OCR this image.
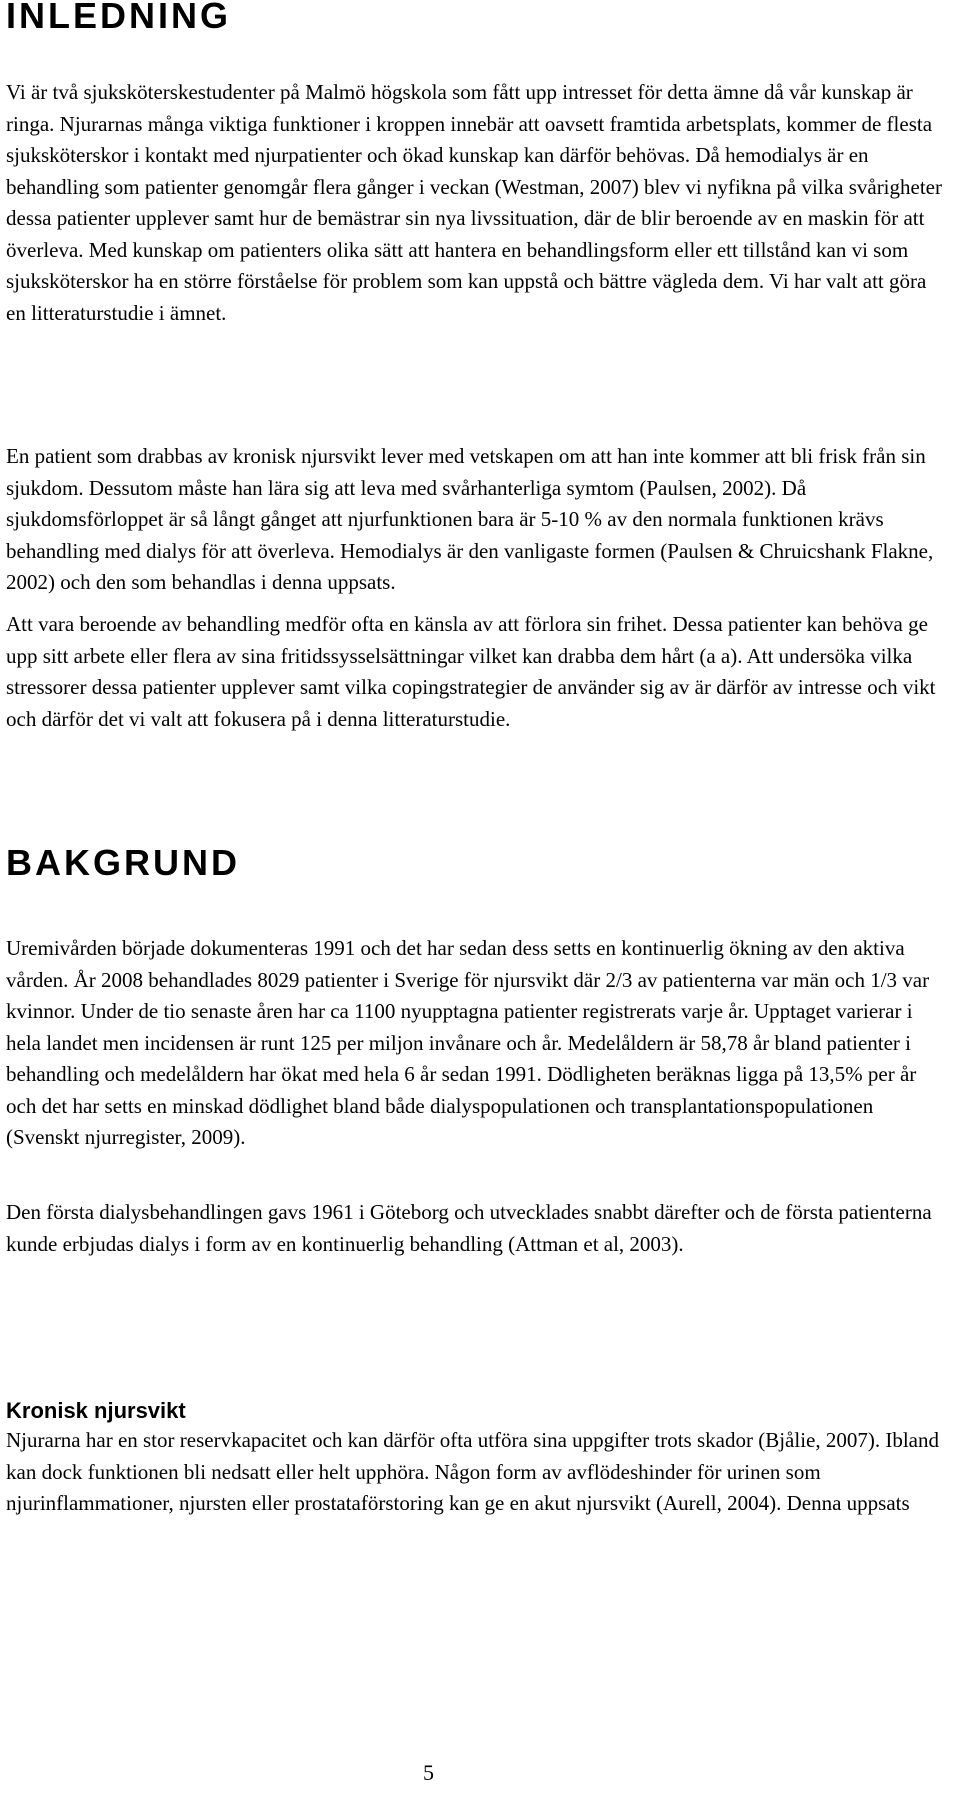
INLEDNING

Vi är två sjuksköterskestudenter på Malmö högskola som fått upp intresset för detta ämne då vår kunskap är ringa. Njurarnas många viktiga funktioner i kroppen innebär att oavsett framtida arbetsplats, kommer de flesta sjuksköterskor i kontakt med njurpatienter och ökad kunskap kan därför behövas. Då hemodialys är en behandling som patienter genomgår flera gånger i veckan (Westman, 2007) blev vi nyfikna på vilka svårigheter dessa patienter upplever samt hur de bemästrar sin nya livssituation, där de blir beroende av en maskin för att överleva. Med kunskap om patienters olika sätt att hantera en behandlingsform eller ett tillstånd kan vi som sjuksköterskor ha en större förståelse för problem som kan uppstå och bättre vägleda dem. Vi har valt att göra en litteraturstudie i ämnet.

En patient som drabbas av kronisk njursvikt lever med vetskapen om att han inte kommer att bli frisk från sin sjukdom. Dessutom måste han lära sig att leva med svårhanterliga symtom (Paulsen, 2002). Då sjukdomsförloppet är så långt gånget att njurfunktionen bara är 5-10 % av den normala funktionen krävs behandling med dialys för att överleva. Hemodialys är den vanligaste formen (Paulsen & Chruicshank Flakne, 2002) och den som behandlas i denna uppsats.

Att vara beroende av behandling medför ofta en känsla av att förlora sin frihet. Dessa patienter kan behöva ge upp sitt arbete eller flera av sina fritidssysselsättningar vilket kan drabba dem hårt (a a). Att undersöka vilka stressorer dessa patienter upplever samt vilka copingstrategier de använder sig av är därför av intresse och vikt och därför det vi valt att fokusera på i denna litteraturstudie.

BAKGRUND

Uremivården började dokumenteras 1991 och det har sedan dess setts en kontinuerlig ökning av den aktiva vården. År 2008 behandlades 8029 patienter i Sverige för njursvikt där 2/3 av patienterna var män och 1/3 var kvinnor. Under de tio senaste åren har ca 1100 nyupptagna patienter registrerats varje år. Upptaget varierar i hela landet men incidensen är runt 125 per miljon invånare och år. Medelåldern är 58,78 år bland patienter i behandling och medelåldern har ökat med hela 6 år sedan 1991. Dödligheten beräknas ligga på 13,5% per år och det har setts en minskad dödlighet bland både dialyspopulationen och transplantationspopulationen (Svenskt njurregister, 2009).

Den första dialysbehandlingen gavs 1961 i Göteborg och utvecklades snabbt därefter och de första patienterna kunde erbjudas dialys i form av en kontinuerlig behandling (Attman et al, 2003).

Kronisk njursvikt

Njurarna har en stor reservkapacitet och kan därför ofta utföra sina uppgifter trots skador (Bjålie, 2007). Ibland kan dock funktionen bli nedsatt eller helt upphöra. Någon form av avflödeshinder för urinen som njurinflammationer, njursten eller prostataförstoring kan ge en akut njursvikt (Aurell, 2004). Denna uppsats

5
